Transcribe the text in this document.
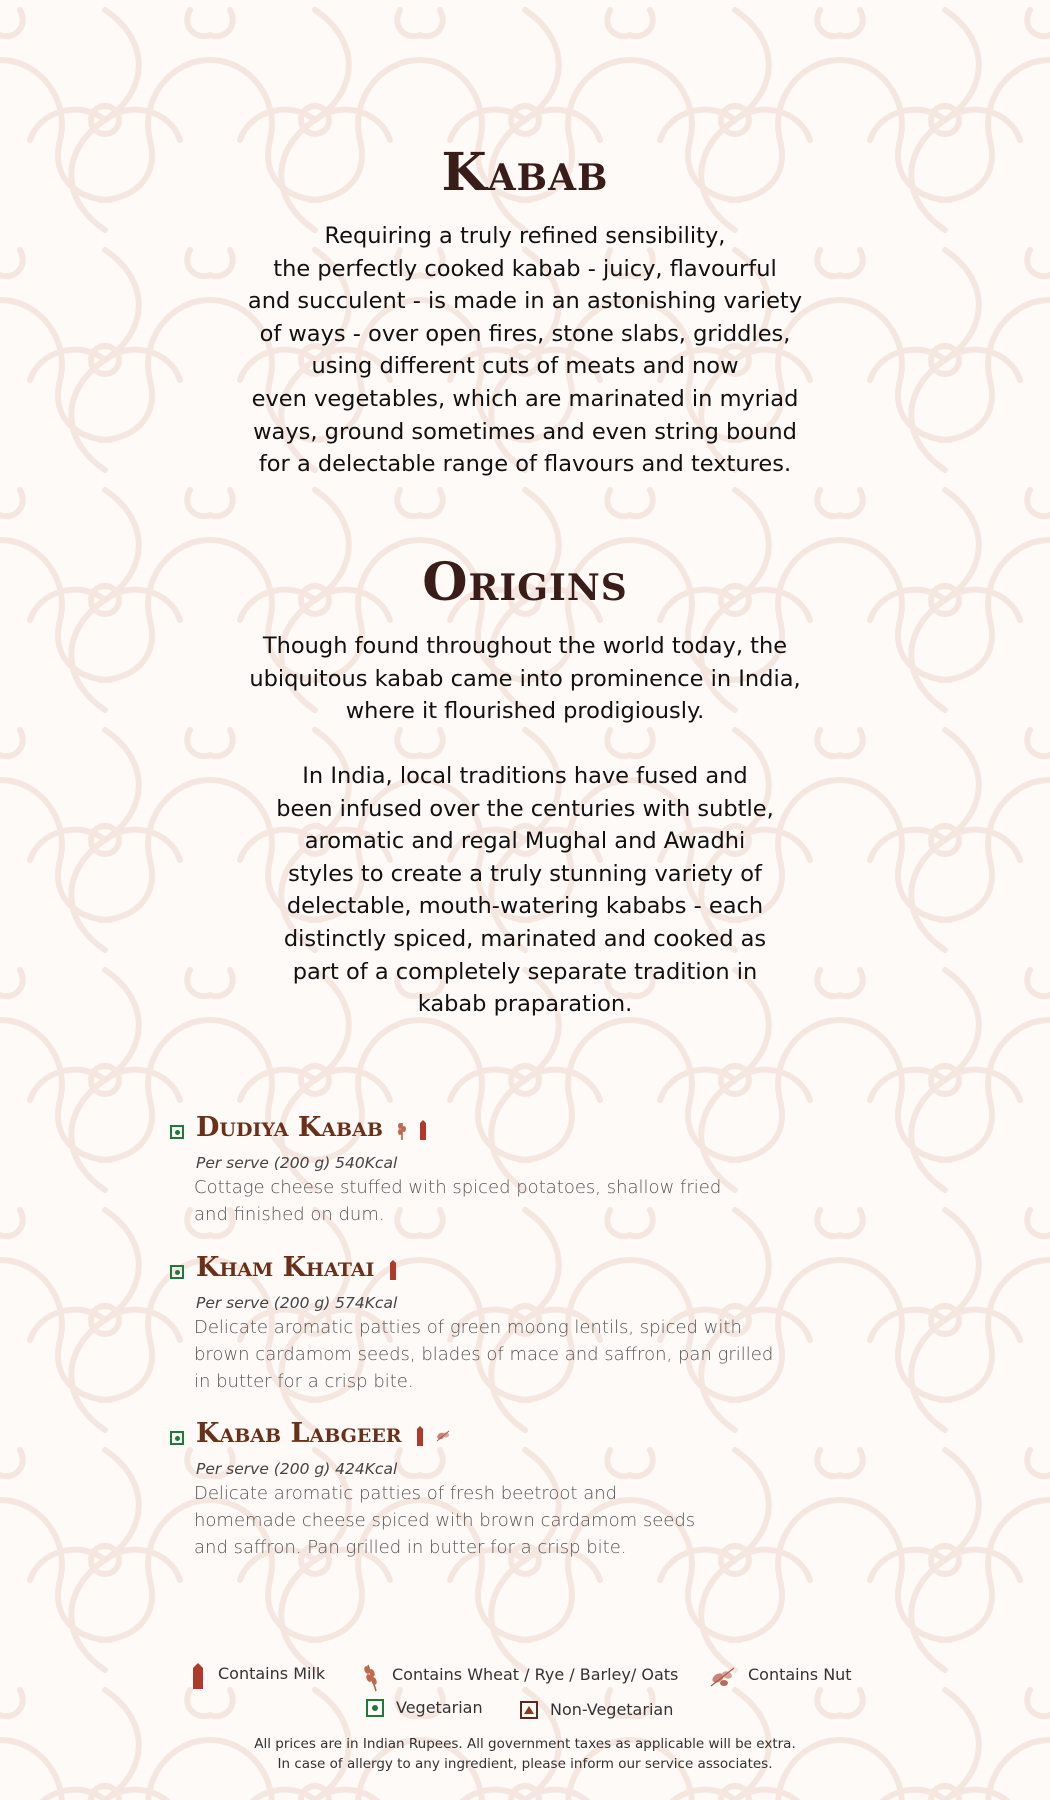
Kabab
Requiring a truly refined sensibility,
the perfectly cooked kabab - juicy, flavourful
and succulent - is made in an astonishing variety
of ways - over open fires, stone slabs, griddles,
using different cuts of meats and now
even vegetables, which are marinated in myriad
ways, ground sometimes and even string bound
for a delectable range of flavours and textures.
Origins
Though found throughout the world today, the
ubiquitous kabab came into prominence in India,
where it flourished prodigiously.
In India, local traditions have fused and
been infused over the centuries with subtle,
aromatic and regal Mughal and Awadhi
styles to create a truly stunning variety of
delectable, mouth-watering kababs - each
distinctly spiced, marinated and cooked as
part of a completely separate tradition in
kabab praparation.
Dudiya Kabab
Per serve (200 g) 540Kcal
Cottage cheese stuffed with spiced potatoes, shallow fried
and finished on dum.
Kham Khatai
Per serve (200 g) 574Kcal
Delicate aromatic patties of green moong lentils, spiced with
brown cardamom seeds, blades of mace and saffron, pan grilled
in butter for a crisp bite.
Kabab Labgeer
Per serve (200 g) 424Kcal
Delicate aromatic patties of fresh beetroot and
homemade cheese spiced with brown cardamom seeds
and saffron. Pan grilled in butter for a crisp bite.
Contains Milk	Contains Wheat / Rye / Barley/ Oats	Contains Nut
Vegetarian	Non-Vegetarian
All prices are in Indian Rupees. All government taxes as applicable will be extra.
In case of allergy to any ingredient, please inform our service associates.
